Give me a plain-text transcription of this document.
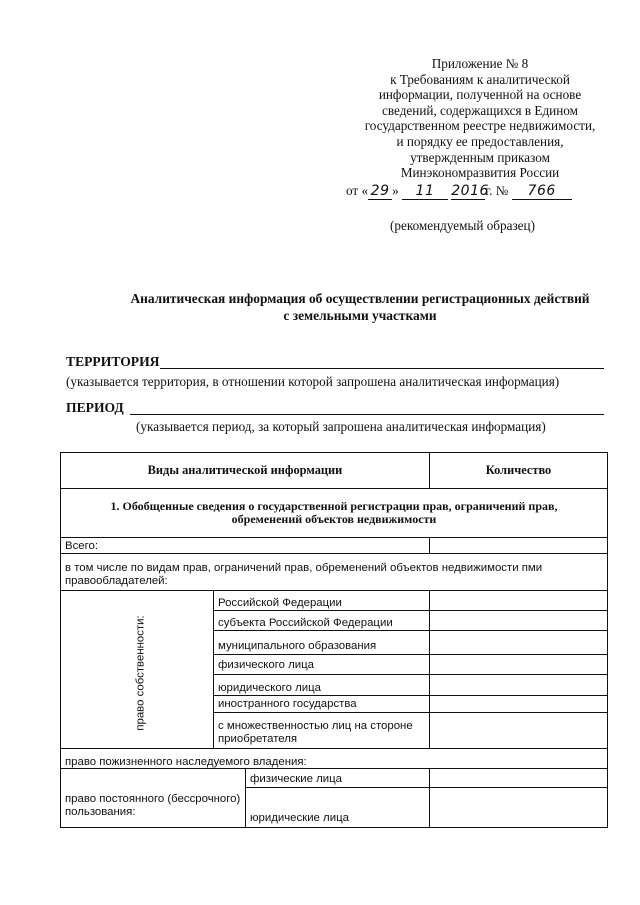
Приложение № 8
к Требованиям к аналитической
информации, полученной на основе
сведений, содержащихся в Едином
государственном реестре недвижимости,
и порядку ее предоставления,
утвержденным приказом
Минэкономразвития России
от « 29 » 11 2016г. № 766
(рекомендуемый образец)
Аналитическая информация об осуществлении регистрационных действий
с земельными участками
ТЕРРИТОРИЯ
(указывается территория, в отношении которой запрошена аналитическая информация)
ПЕРИОД
(указывается период, за который запрошена аналитическая информация)
Виды аналитической информации	Количество
1. Обобщенные сведения о государственной регистрации прав, ограничений прав, обременений объектов недвижимости
Всего:
в том числе по видам прав, ограничений прав, обременений объектов недвижимости пми правообладателей:
право собственности:
Российской Федерации
субъекта Российской Федерации
муниципального образования
физического лица
юридического лица
иностранного государства
с множественностью лиц на стороне приобретателя
право пожизненного наследуемого владения:
право постоянного (бессрочного) пользования:
физические лица
юридические лица
